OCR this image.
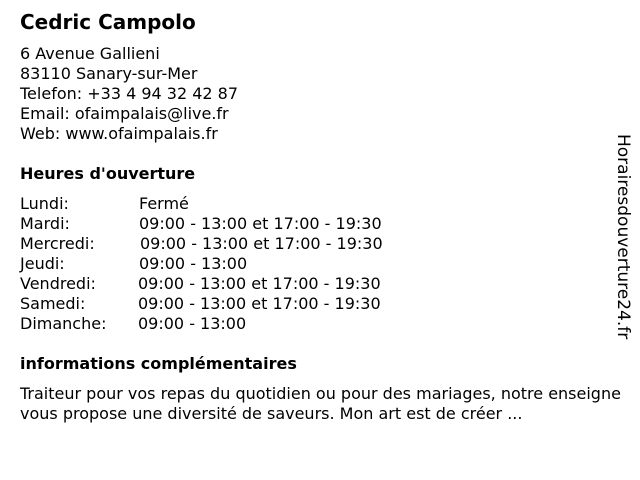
Cedric Campolo
6 Avenue Gallieni
83110 Sanary-sur-Mer
Telefon: +33 4 94 32 42 87
Email: ofaimpalais@live.fr
Web: www.ofaimpalais.fr
Heures d'ouverture
Lundi:	Fermé
Mardi:	09:00 - 13:00 et 17:00 - 19:30
Mercredi:	09:00 - 13:00 et 17:00 - 19:30
Jeudi:	09:00 - 13:00
Vendredi:	09:00 - 13:00 et 17:00 - 19:30
Samedi:	09:00 - 13:00 et 17:00 - 19:30
Dimanche: 09:00 - 13:00
informations complémentaires
Traiteur pour vos repas du quotidien ou pour des mariages, notre enseigne vous propose une diversité de saveurs. Mon art est de créer ...
Horairesdouverture24.fr
